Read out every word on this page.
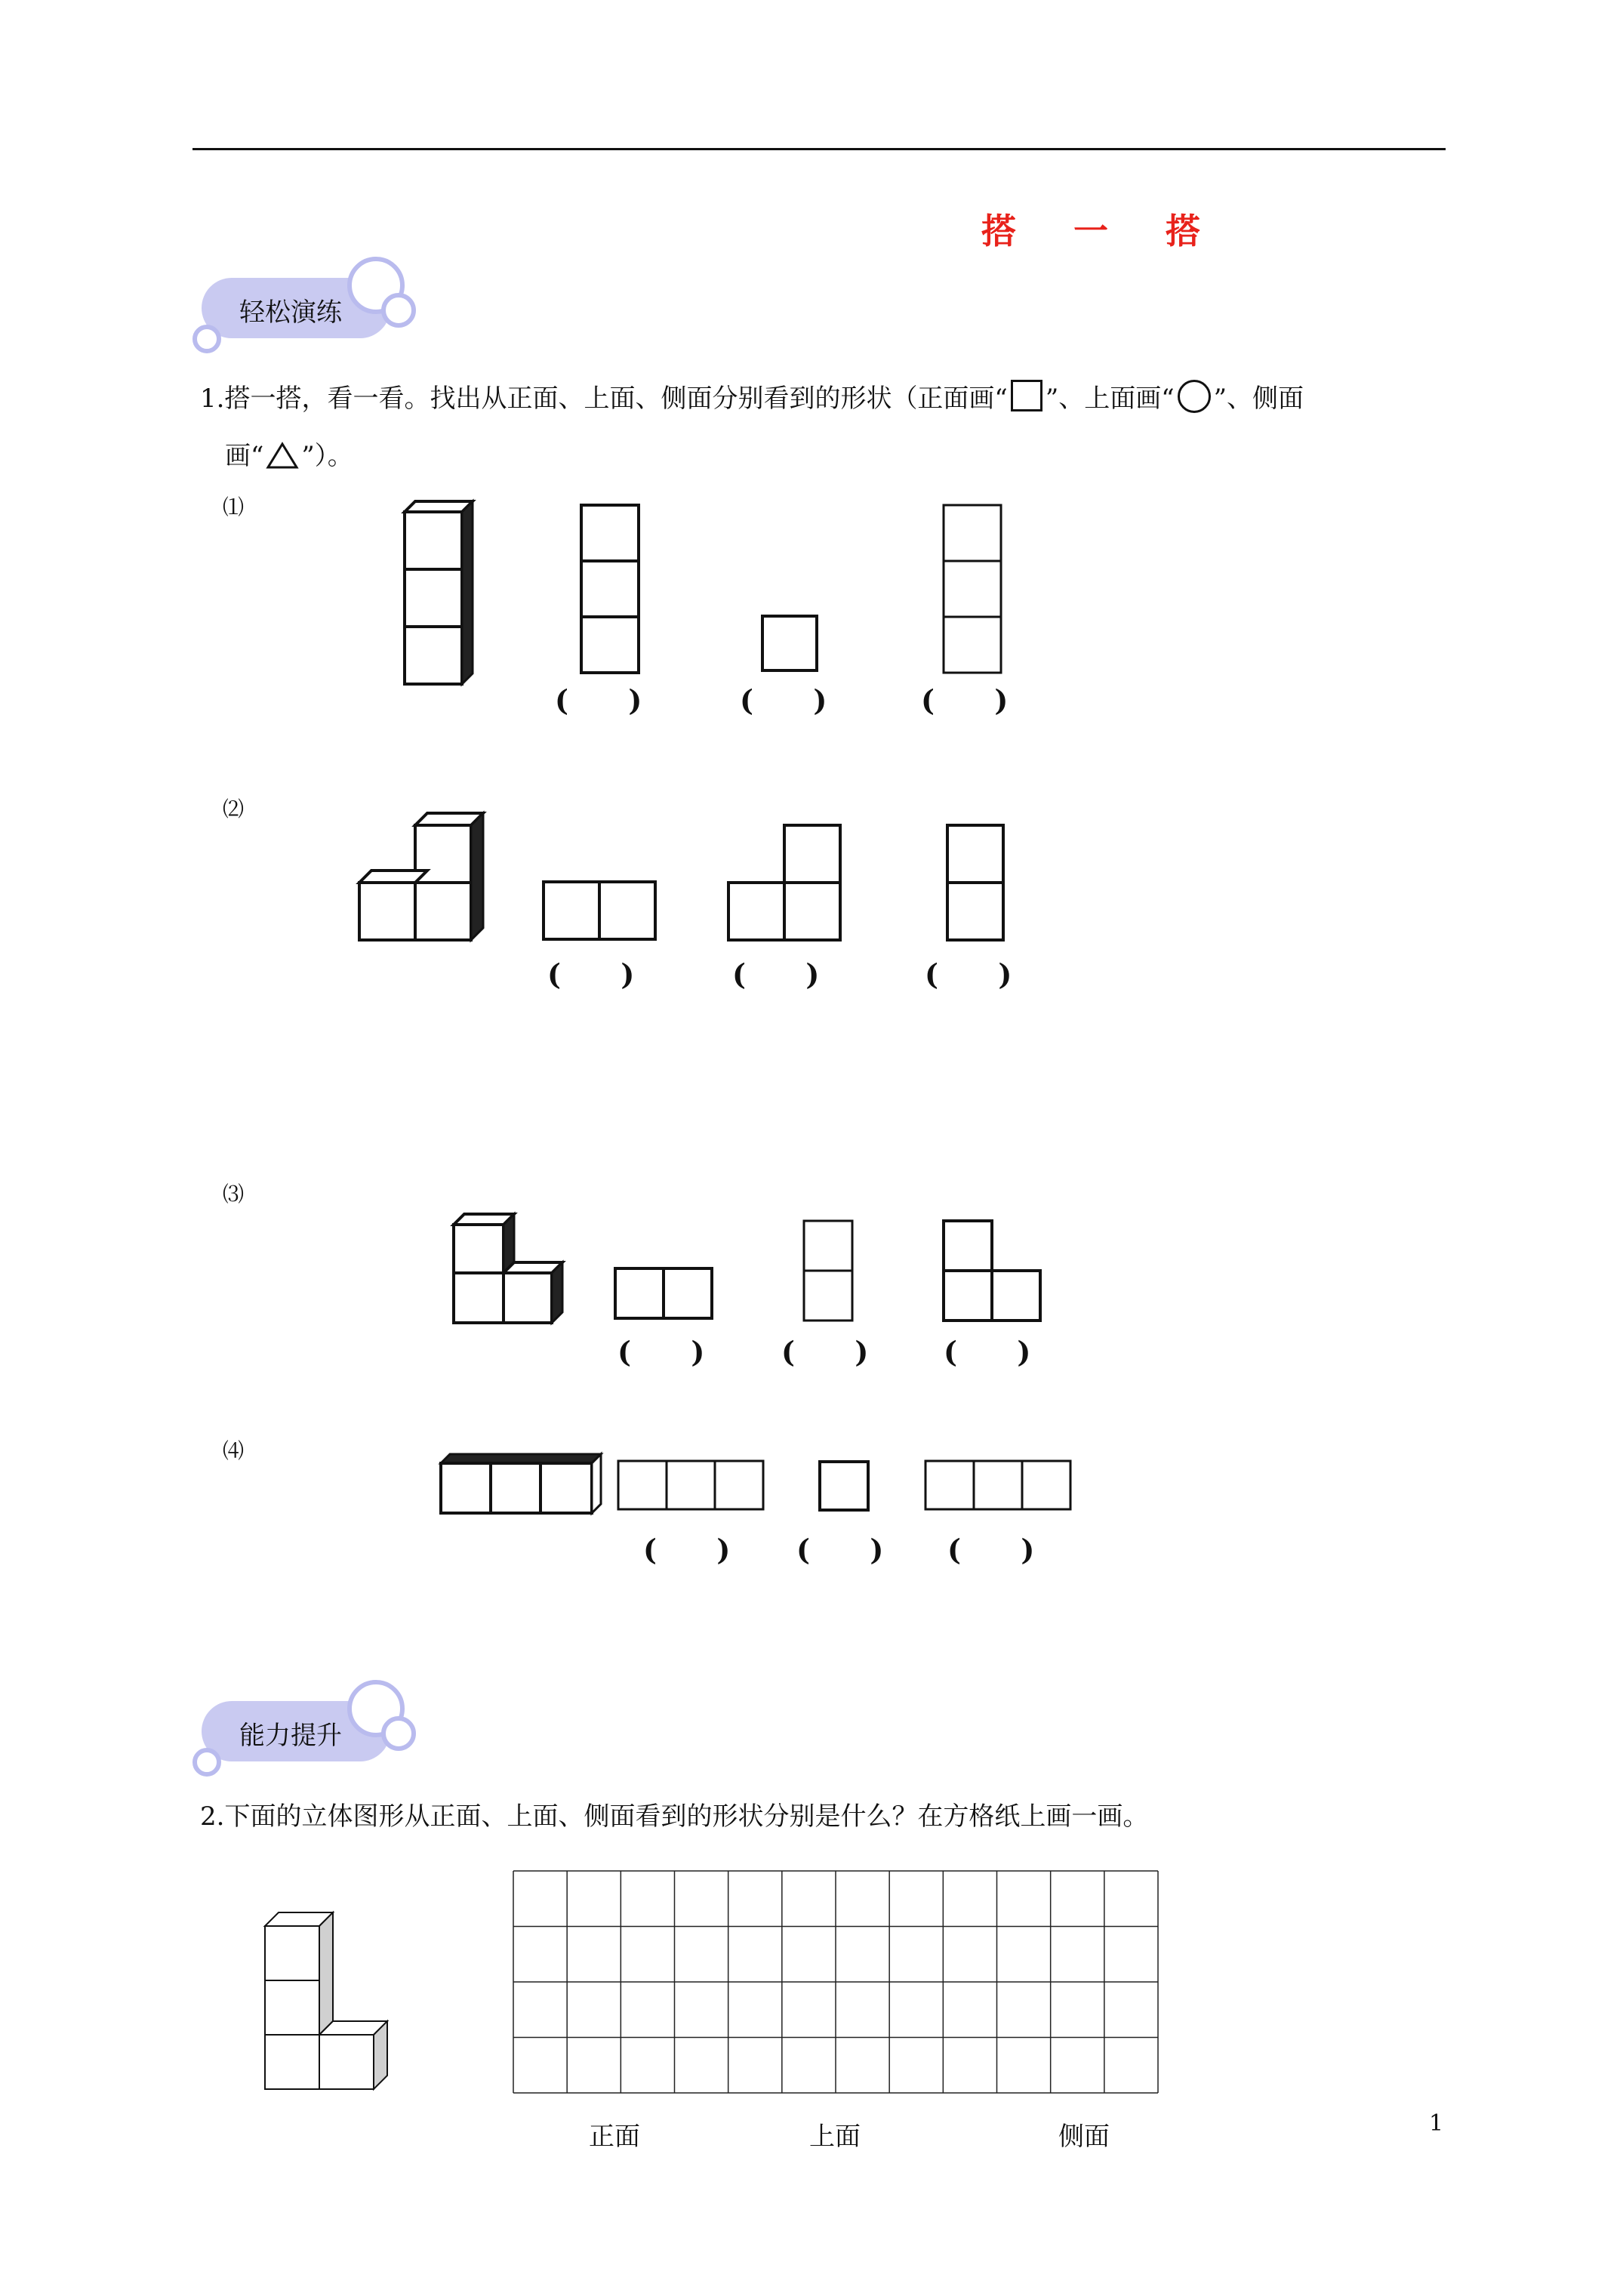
搭 一 搭
轻松演练
1.搭一搭，看一看。找出从正面、上面、侧面分别看到的形状（正面画“ ”、上面画“ ”、侧面
画“ ”）。
⑴
⑵
⑶
⑷
(      )	(      )	(      )
(      )	(      )	(      )
(      )	(      )	(      )
(      ) (      ) (      )
能力提升
2.下面的立体图形从正面、上面、侧面看到的形状分别是什么？在方格纸上画一画。
正面	上面	侧面	1
